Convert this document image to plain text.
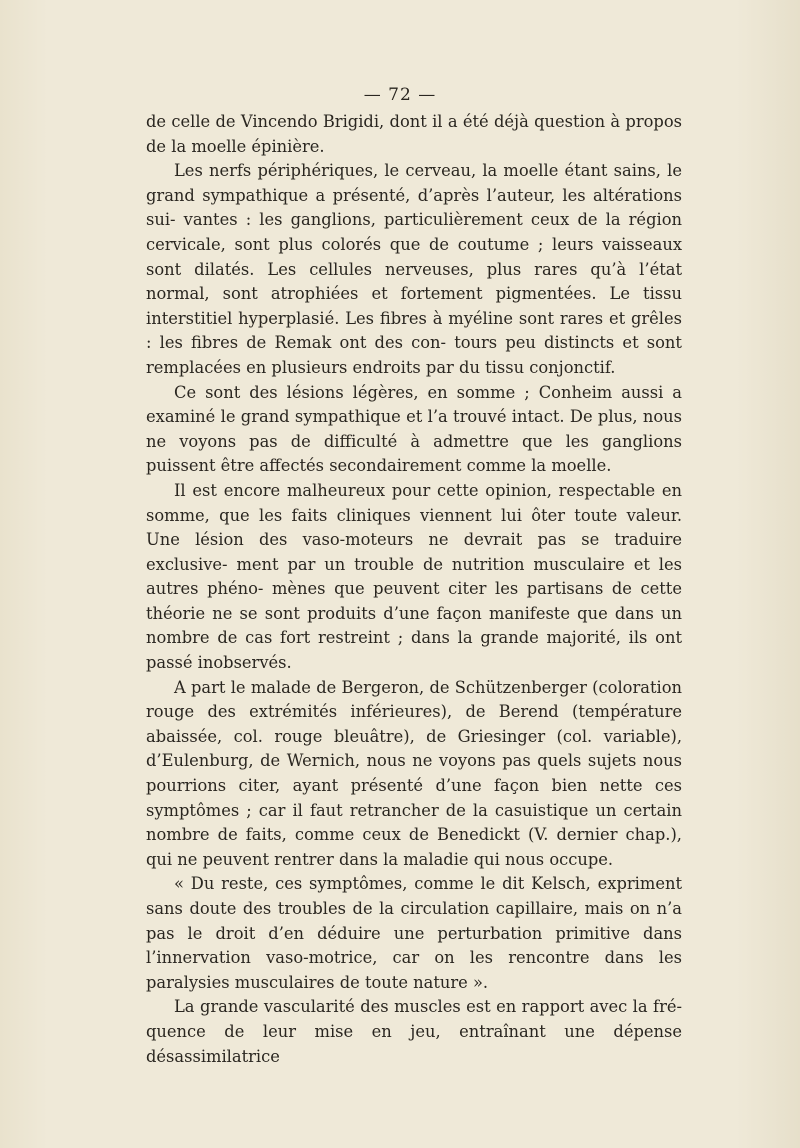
— 72 —

de celle de Vincendo Brigidi, dont il a été déjà question à propos de la moelle épinière.

Les nerfs périphériques, le cerveau, la moelle étant sains, le grand sympathique a présenté, d’après l’auteur, les altérations sui- vantes : les ganglions, particulièrement ceux de la région cervicale, sont plus colorés que de coutume ; leurs vaisseaux sont dilatés. Les cellules nerveuses, plus rares qu’à l’état normal, sont atrophiées et fortement pigmentées. Le tissu interstitiel hyperplasié. Les fibres à myéline sont rares et grêles : les fibres de Remak ont des con- tours peu distincts et sont remplacées en plusieurs endroits par du tissu conjonctif.

Ce sont des lésions légères, en somme ; Conheim aussi a examiné le grand sympathique et l’a trouvé intact. De plus, nous ne voyons pas de difficulté à admettre que les ganglions puissent être affectés secondairement comme la moelle.

Il est encore malheureux pour cette opinion, respectable en somme, que les faits cliniques viennent lui ôter toute valeur. Une lésion des vaso-moteurs ne devrait pas se traduire exclusive- ment par un trouble de nutrition musculaire et les autres phéno- mènes que peuvent citer les partisans de cette théorie ne se sont produits d’une façon manifeste que dans un nombre de cas fort restreint ; dans la grande majorité, ils ont passé inobservés.

A part le malade de Bergeron, de Schützenberger (coloration rouge des extrémités inférieures), de Berend (température abaissée, col. rouge bleuâtre), de Griesinger (col. variable), d’Eulenburg, de Wernich, nous ne voyons pas quels sujets nous pourrions citer, ayant présenté d’une façon bien nette ces symptômes ; car il faut retrancher de la casuistique un certain nombre de faits, comme ceux de Benedickt (V. dernier chap.), qui ne peuvent rentrer dans la maladie qui nous occupe.

« Du reste, ces symptômes, comme le dit Kelsch, expriment sans doute des troubles de la circulation capillaire, mais on n’a pas le droit d’en déduire une perturbation primitive dans l’innervation vaso-motrice, car on les rencontre dans les paralysies musculaires de toute nature ».

La grande vascularité des muscles est en rapport avec la fré- quence de leur mise en jeu, entraînant une dépense désassimilatrice
